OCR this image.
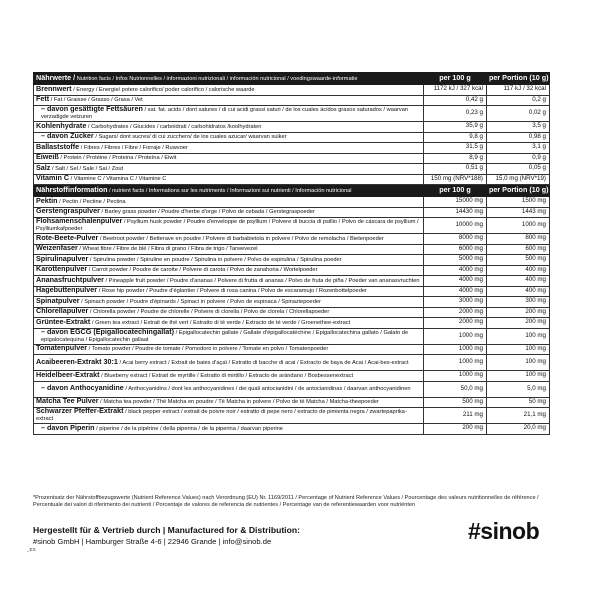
Nährwerte / Nutrition facts / Infos Nutrionnelles / informazioni nutrizionali / información nutricional / voedingswaarde-informatie	per 100 g	per Portion (10 g)
Brennwert / Energy / Energie/ potere calorifico/ poder calorífico / calorische waarde	1172 kJ / 327 kcal	117 kJ / 32 kcal
Fett / Fat / Graisse / Grasso / Grasa / Vet	0,42 g	0,2 g
– davon gesättigte Fettsäuren / sat. fat. acids / dont satures / di cui acidi grassi saturi / de los cuales ácidos grasos saturados / waarvan verzadigde vetzuren	0,23 g	0,02 g
Kohlenhydrate / Carbohydrates / Glucides / carboidrati / carbohidratos /koolhydraten	35,9 g	3,5 g
– davon Zucker / Sugars/ dont sucres/ di cui zucchero/ de los cuales azucar/ waarvan suiker	9,8 g	0,98 g
Ballaststoffe / Fibres / Fibres / Fibre / Forraje / Ruwvoer	31,5 g	3,1 g
Eiweiß / Protein / Protéine / Proteina / Proteína / Eiwit	8,9 g	0,9 g
Salz / Salt / Sel / Sale / Sal / Zout	0,51 g	0,05 g
Vitamin C / Vitamine C / Vitamina C / Vitamine C	150 mg (NRV*188)	15,0 mg (NRV*19)
Nährstoffinformation / nutrient facts / Informations sur les nutriments / Informazioni sui nutrienti / Información nutricional	per 100 g	per Portion (10 g)
Pektin / Pectin / Pectine / Pectina	15000 mg	1500 mg
Gerstengraspulver / Barley grass powder / Poudre d'herbe d'orge / Polvo de cebada / Gerstegraspoeder	14430 mg	1443 mg
Flohsamenschalenpulver / Psyllium husk powder / Poudre d'enveloppe de psyllium / Polvere di buccia di psillio / Polvo de cáscara de psyllium / Psylliumkafpoeder	10000 mg	1000 mg
Rote-Beete-Pulver / Beetroot powder / Betterave en poudre / Polvere di barbabietola in polvere / Polvo de remolacha / Bietenpoeder	8000 mg	800 mg
Weizenfaser / Wheat fibre / Fibre de blé / Fibra di grano / Fibra de trigo / Tarwevezel	6000 mg	600 mg
Spirulinapulver / Spirulina powder / Spiruline en poudre / Spirulina in polvere / Polvo de espirulina / Spirulina poeder	5000 mg	500 mg
Karottenpulver / Carrot powder / Poudre de carotte / Polvere di carota / Polvo de zanahoria / Wortelpoeder	4000 mg	400 mg
Ananasfruchtpulver / Pineapple fruit powder / Poudre d'ananas / Polvere di frutta di ananas / Polvo de fruta de piña / Poeder van ananasvruchten	4000 mg	400 mg
Hagebuttenpulver / Rose hip powder / Poudre d'églantier / Polvere di rosa canina / Polvo de escaramujo / Rozenbottelpoeder	4000 mg	400 mg
Spinatpulver / Spinach powder / Poudre d'épinards / Spinaci in polvere / Polvo de espinaca / Spinaziepoeder	3000 mg	300 mg
Chlorellapulver / Chlorella powder / Poudre de chlorelle / Polvere di clorella / Polvo de clorela / Chlorellapoeder	2000 mg	200 mg
Grüntee-Extrakt / Green tea extract / Extrait de thé vert / Estratto di tè verde / Extracto de té verde / Groenethee-extract	2000 mg	200 mg
– davon EGCG (Epigallocatechingallat) / Epigallocatechin gallate / Gallate d'épigallocatéchine / Epigallocatechina gallato / Galato de epigalocatequina / Epigallocatechin gallaat	1000 mg	100 mg
Tomatenpulver / Tomato powder / Poudre de tomate / Pomodoro in polvere / Tomate en polvo / Tomatenpoeder	1000 mg	100 mg
Acaibeeren-Extrakt 30:1 / Acai berry extract / Extrait de baies d'açaï / Estratto di bacche di acai / Extracto de baya de Acai / Acai-bes-extract	1000 mg	100 mg
Heidelbeer-Extrakt / Blueberry extract / Extrait de myrtille / Estratto di mirtillo / Extracto de arándano / Bosbessenextract	1000 mg	100 mg
– davon Anthocyanidine / Anthocyanidins / dont les anthocyanidines / dei quali antocianidini / de antocianidinas / daarvan anthocyanidinen	50,0 mg	5,0 mg
Matcha Tee Pulver / Matcha tea powder / Thé Matcha en poudre / Tè Matcha in polvere / Polvo de té Matcha / Matcha-theepoeder	500 mg	50 mg
Schwarzer Pfeffer-Extrakt / black pepper extract / extrait de poivre noir / estratto di pepe nero / extracto de pimienta negra / zwartepaprika-extract	211 mg	21,1 mg
– davon Piperin / piperine / de la pipérine / della piperina / de la piperina / daarvan piperine	200 mg	20,0 mg
*Prozentsatz der Nährstoffbezugswerte (Nutrient Reference Values) nach Verordnung (EU) Nr. 1169/2011 / Percentage of Nutrient Reference Values / Pourcentage des valeurs nutritionnelles de référence / Percentuale dei valori di riferimento dei nutrienti / Porcentaje de valores de referencia de nutrientes / Percentage van de referentiewaarden voor nutriënten
Hergestellt für & Vertrieb durch | Manufactured for & Distribution:
#sinob GmbH | Hamburger Straße 4-6 | 22946 Grande | info@sinob.de
_ES
#sinob
